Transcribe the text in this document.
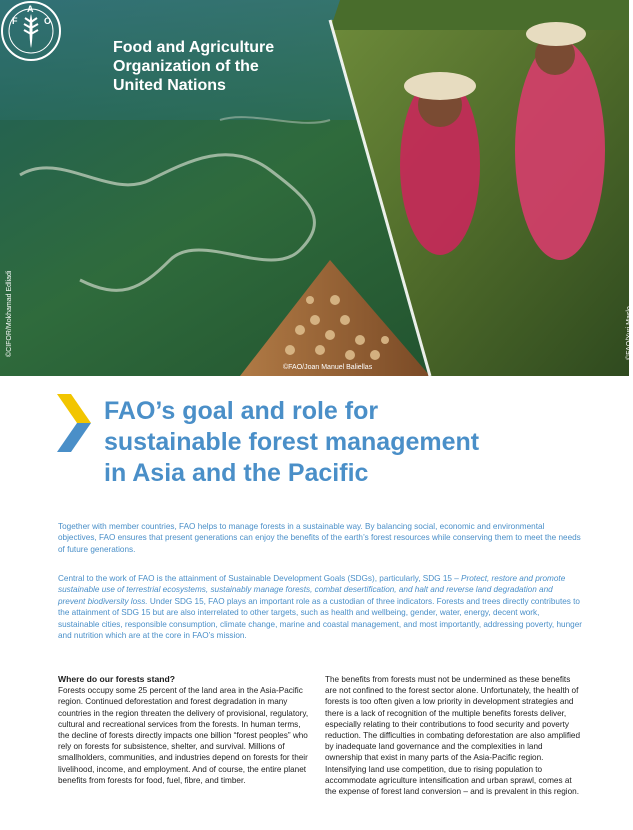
F
A
O
Food and Agriculture
Organization of the
United Nations
©CIFOR/Mokhamad Edliadi
©FAO/Joan Manuel Baliellas
©FAO/Yuri Maslo
FAO’s goal and role for
sustainable forest management
in Asia and the Pacific

Together with member countries, FAO helps to manage forests in a sustainable way. By balancing social, economic and environmental objectives, FAO ensures that present generations can enjoy the benefits of the earth’s forest resources while conserving them to meet the needs of future generations.

Central to the work of FAO is the attainment of Sustainable Development Goals (SDGs), particularly, SDG 15 – Protect, restore and promote sustainable use of terrestrial ecosystems, sustainably manage forests, combat desertification, and halt and reverse land degradation and prevent biodiversity loss. Under SDG 15, FAO plays an important role as a custodian of three indicators. Forests and trees directly contributes to the attainment of SDG 15 but are also interrelated to other targets, such as health and wellbeing, gender, water, energy, decent work, sustainable cities, responsible consumption, climate change, marine and coastal management, and most importantly, addressing poverty, hunger and nutrition which are at the core in FAO’s mission.

Where do our forests stand?

Forests occupy some 25 percent of the land area in the Asia-Pacific region. Continued deforestation and forest degradation in many countries in the region threaten the delivery of provisional, regulatory, cultural and recreational services from the forests. In human terms, the decline of forests directly impacts one billion “forest peoples” who rely on forests for subsistence, shelter, and survival. Millions of smallholders, communities, and industries depend on forests for their livelihood, income, and employment. And of course, the entire planet benefits from forests for food, fuel, fibre, and timber.

The benefits from forests must not be undermined as these benefits are not confined to the forest sector alone. Unfortunately, the health of forests is too often given a low priority in development strategies and there is a lack of recognition of the multiple benefits forests deliver, especially relating to their contributions to food security and poverty reduction. The difficulties in combating deforestation are also amplified by inadequate land governance and the complexities in land ownership that exist in many parts of the Asia-Pacific region. Intensifying land use competition, due to rising population to accommodate agriculture intensification and urban sprawl, comes at the expense of forest land conversion – and is prevalent in this region.
